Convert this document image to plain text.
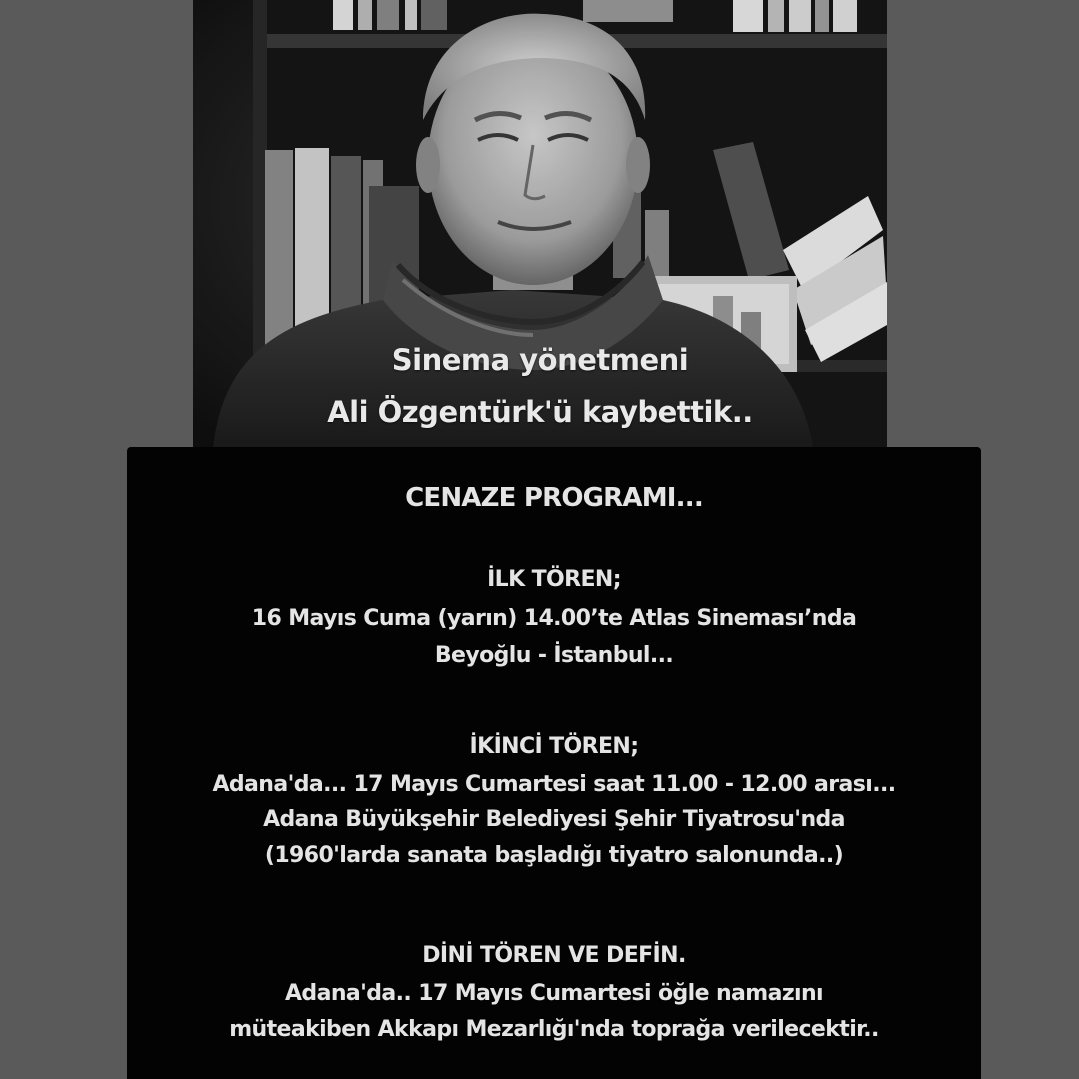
Sinema yönetmeni
Ali Özgentürk'ü kaybettik..
CENAZE PROGRAMI...
İLK TÖREN;
16 Mayıs Cuma (yarın) 14.00’te Atlas Sineması’nda
Beyoğlu - İstanbul...
İKİNCİ TÖREN;
Adana'da... 17 Mayıs Cumartesi saat 11.00 - 12.00 arası...
Adana Büyükşehir Belediyesi Şehir Tiyatrosu'nda
(1960'larda sanata başladığı tiyatro salonunda..)
DİNİ TÖREN VE DEFİN.
Adana'da.. 17 Mayıs Cumartesi öğle namazını
müteakiben Akkapı Mezarlığı'nda toprağa verilecektir..
